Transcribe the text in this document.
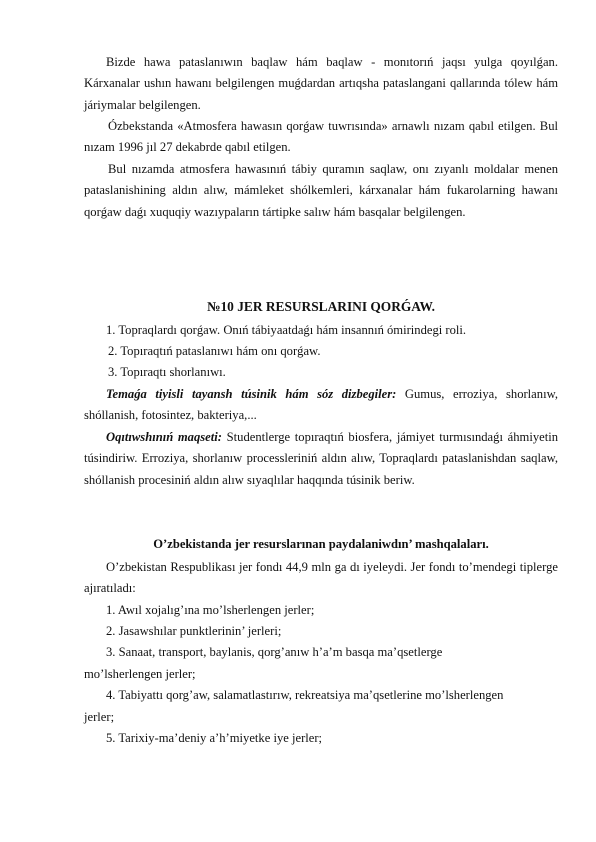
Bizde hawa pataslanıwın baqlaw hám baqlaw - monıtorıń jaqsı yulga qoyılǵan. Kárxanalar ushın hawanı belgilengen muǵdardan artıqsha pataslangani qallarında tólew hám járiymalar belgilengen.

Ózbekstanda «Atmosfera hawasın qorǵaw tuwrısında» arnawlı nızam qabıl etilgen. Bul nızam 1996 jıl 27 dekabrde qabıl etilgen.

Bul nızamda atmosfera hawasınıń tábiy quramın saqlaw, onı zıyanlı moldalar menen pataslanishining aldın alıw, mámleket shólkemleri, kárxanalar hám fukarolarning hawanı qorǵaw daǵı xuquqiy wazıypaların tártipke salıw hám basqalar belgilengen.

№10 JER RESURSLARINI QORǴAW.

1. Topraqlardı qorǵaw. Onıń tábiyaatdaǵı hám insannıń ómirindegi roli.

2. Topıraqtıń pataslanıwı hám onı qorǵaw.

3. Topıraqtı shorlanıwı.

Temaǵa tiyisli tayansh túsinik hám sóz dizbegiler: Gumus, erroziya, shorlanıw, shóllanish, fotosintez, bakteriya,...

Oqıtıwshınıń maqseti: Studentlerge topıraqtıń biosfera, jámiyet turmısındaǵı áhmiyetin túsindiriw. Erroziya, shorlanıw processleriniń aldın alıw, Topraqlardı pataslanishdan saqlaw, shóllanish procesiniń aldın alıw sıyaqlılar haqqında túsinik beriw.

O’zbekistanda jer resurslarınan paydalaniwdın’ mashqalaları.

O’zbekistan Respublikası jer fondı 44,9 mln ga dı iyeleydi. Jer fondı to’mendegi tiplerge ajıratıladı:

1. Awıl xojalıg’ına mo’lsherlengen jerler;

2. Jasawshılar punktlerinin’ jerleri;

3. Sanaat, transport, baylanis, qorg’anıw h’a’m basqa ma’qsetlerge

mo’lsherlengen jerler;

4. Tabiyattı qorg’aw, salamatlastırıw, rekreatsiya ma’qsetlerine mo’lsherlengen

jerler;

5. Tarixiy-ma’deniy a’h’miyetke iye jerler;
